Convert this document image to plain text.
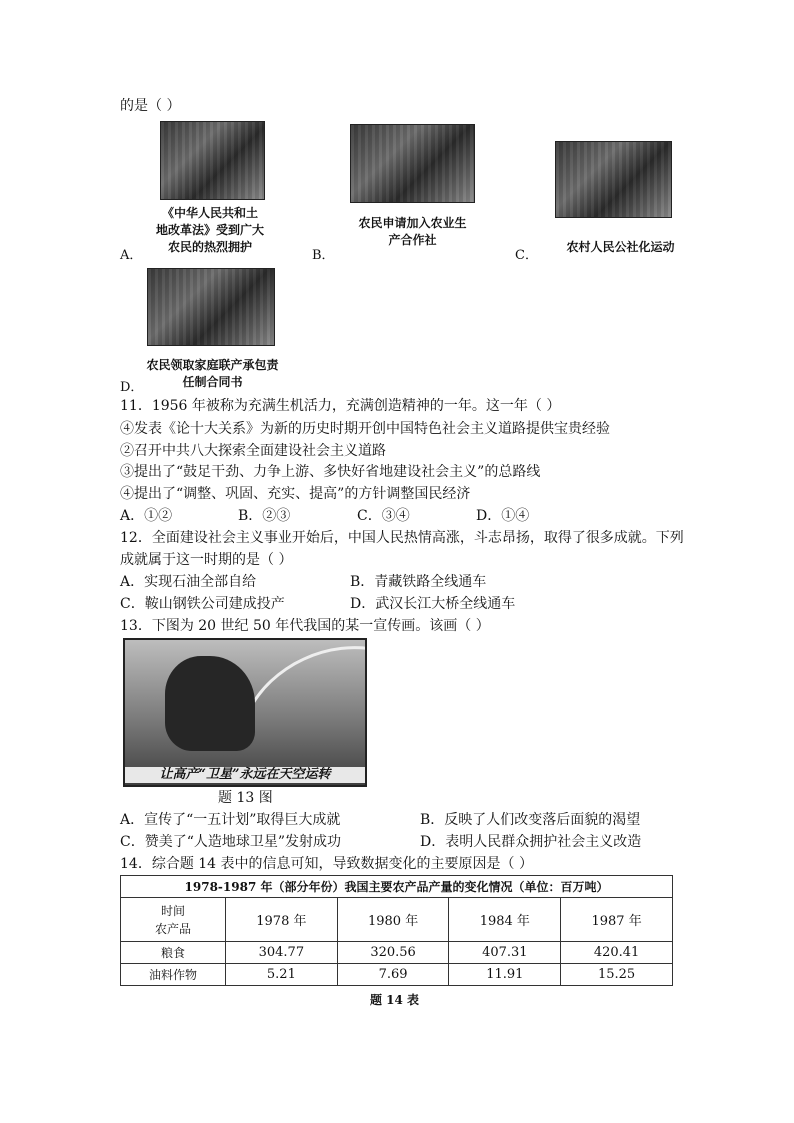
的是（ ）
《中华人民共和土
地改革法》受到广大
农民的热烈拥护
A．
农民申请加入农业生
产合作社
B．
农村人民公社化运动
C．
农民领取家庭联产承包责
任制合同书
D．
11．1956 年被称为充满生机活力，充满创造精神的一年。这一年（ ）
④发表《论十大关系》为新的历史时期开创中国特色社会主义道路提供宝贵经验
②召开中共八大探索全面建设社会主义道路
③提出了“鼓足干劲、力争上游、多快好省地建设社会主义”的总路线
④提出了“调整、巩固、充实、提高”的方针调整国民经济
A．①②	B．②③	C．③④	D．①④
12．全面建设社会主义事业开始后，中国人民热情高涨，斗志昂扬，取得了很多成就。下列
成就属于这一时期的是（ ）
A．实现石油全部自给	B．青藏铁路全线通车
C．鞍山钢铁公司建成投产	D．武汉长江大桥全线通车
13．下图为 20 世纪 50 年代我国的某一宣传画。该画（ ）
让高产“卫星”永远在天空运转
题 13 图
A．宣传了“一五计划”取得巨大成就	B．反映了人们改变落后面貌的渴望
C．赞美了“人造地球卫星”发射成功	D．表明人民群众拥护社会主义改造
14．综合题 14 表中的信息可知，导致数据变化的主要原因是（ ）
1978-1987 年（部分年份）我国主要农产品产量的变化情况（单位：百万吨）				

时间
农产品	1978 年	1980 年	1984 年	1987 年
粮食	304.77	320.56	407.31	420.41
油料作物	5.21	7.69	11.91	15.25
题 14 表
